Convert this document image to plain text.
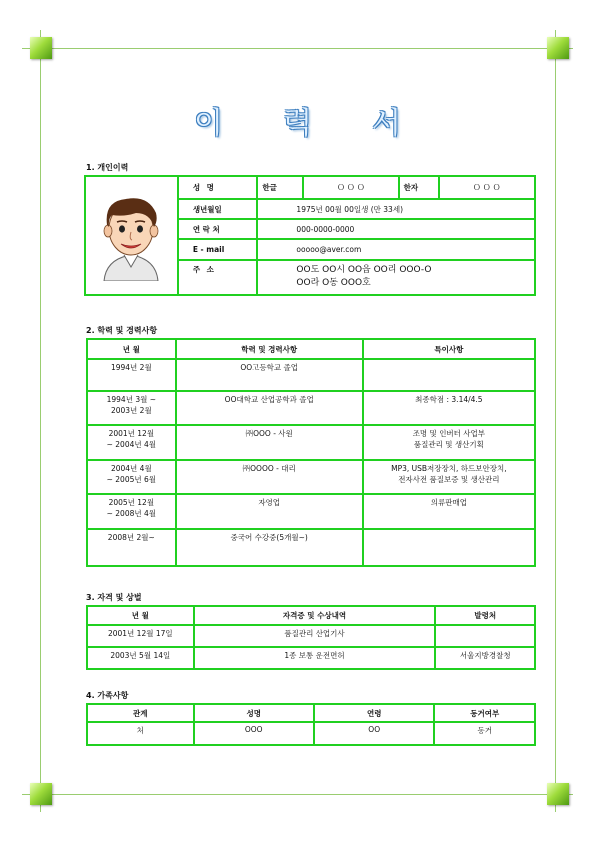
이 력 서
1. 개인이력
	성 명	한글	Ｏ Ｏ Ｏ	한자	Ｏ Ｏ Ｏ
	생년월일	1975년 00월 00일생 (만 33세)			
	연 락 처	000-0000-0000			
	E - mail	ooooo@aver.com			
	주 소	OO도 OO시 OO읍 OO리 OOO-O
OO라 O동 OOO호			
2. 학력 및 경력사항
년 월	학력 및 경력사항	특이사항
1994년 2월	OO고등학교 졸업	
1994년 3월 ~
2003년 2월	OO대학교 산업공학과 졸업	최종학점 : 3.14/4.5
2001년 12월
~ 2004년 4월	㈜OOO - 사원	조명 및 인버터 사업부
품질관리 및 생산기획
2004년 4월
~ 2005년 6월	㈜OOOO - 대리	MP3, USB저장장치, 하드보안장치,
전자사전 품질보증 및 생산관리
2005년 12월
~ 2008년 4월	자영업	의류판매업
2008년 2월~	중국어 수강중(5개월~)	
3. 자격 및 상벌
년 월	자격증 및 수상내역	발령처
2001년 12월 17일	품질관리 산업기사	
2003년 5월 14일	1종 보통 운전면허	서울지방경찰청
4. 가족사항
관계	성명	연령	동거여부
처	OOO	OO	동거
